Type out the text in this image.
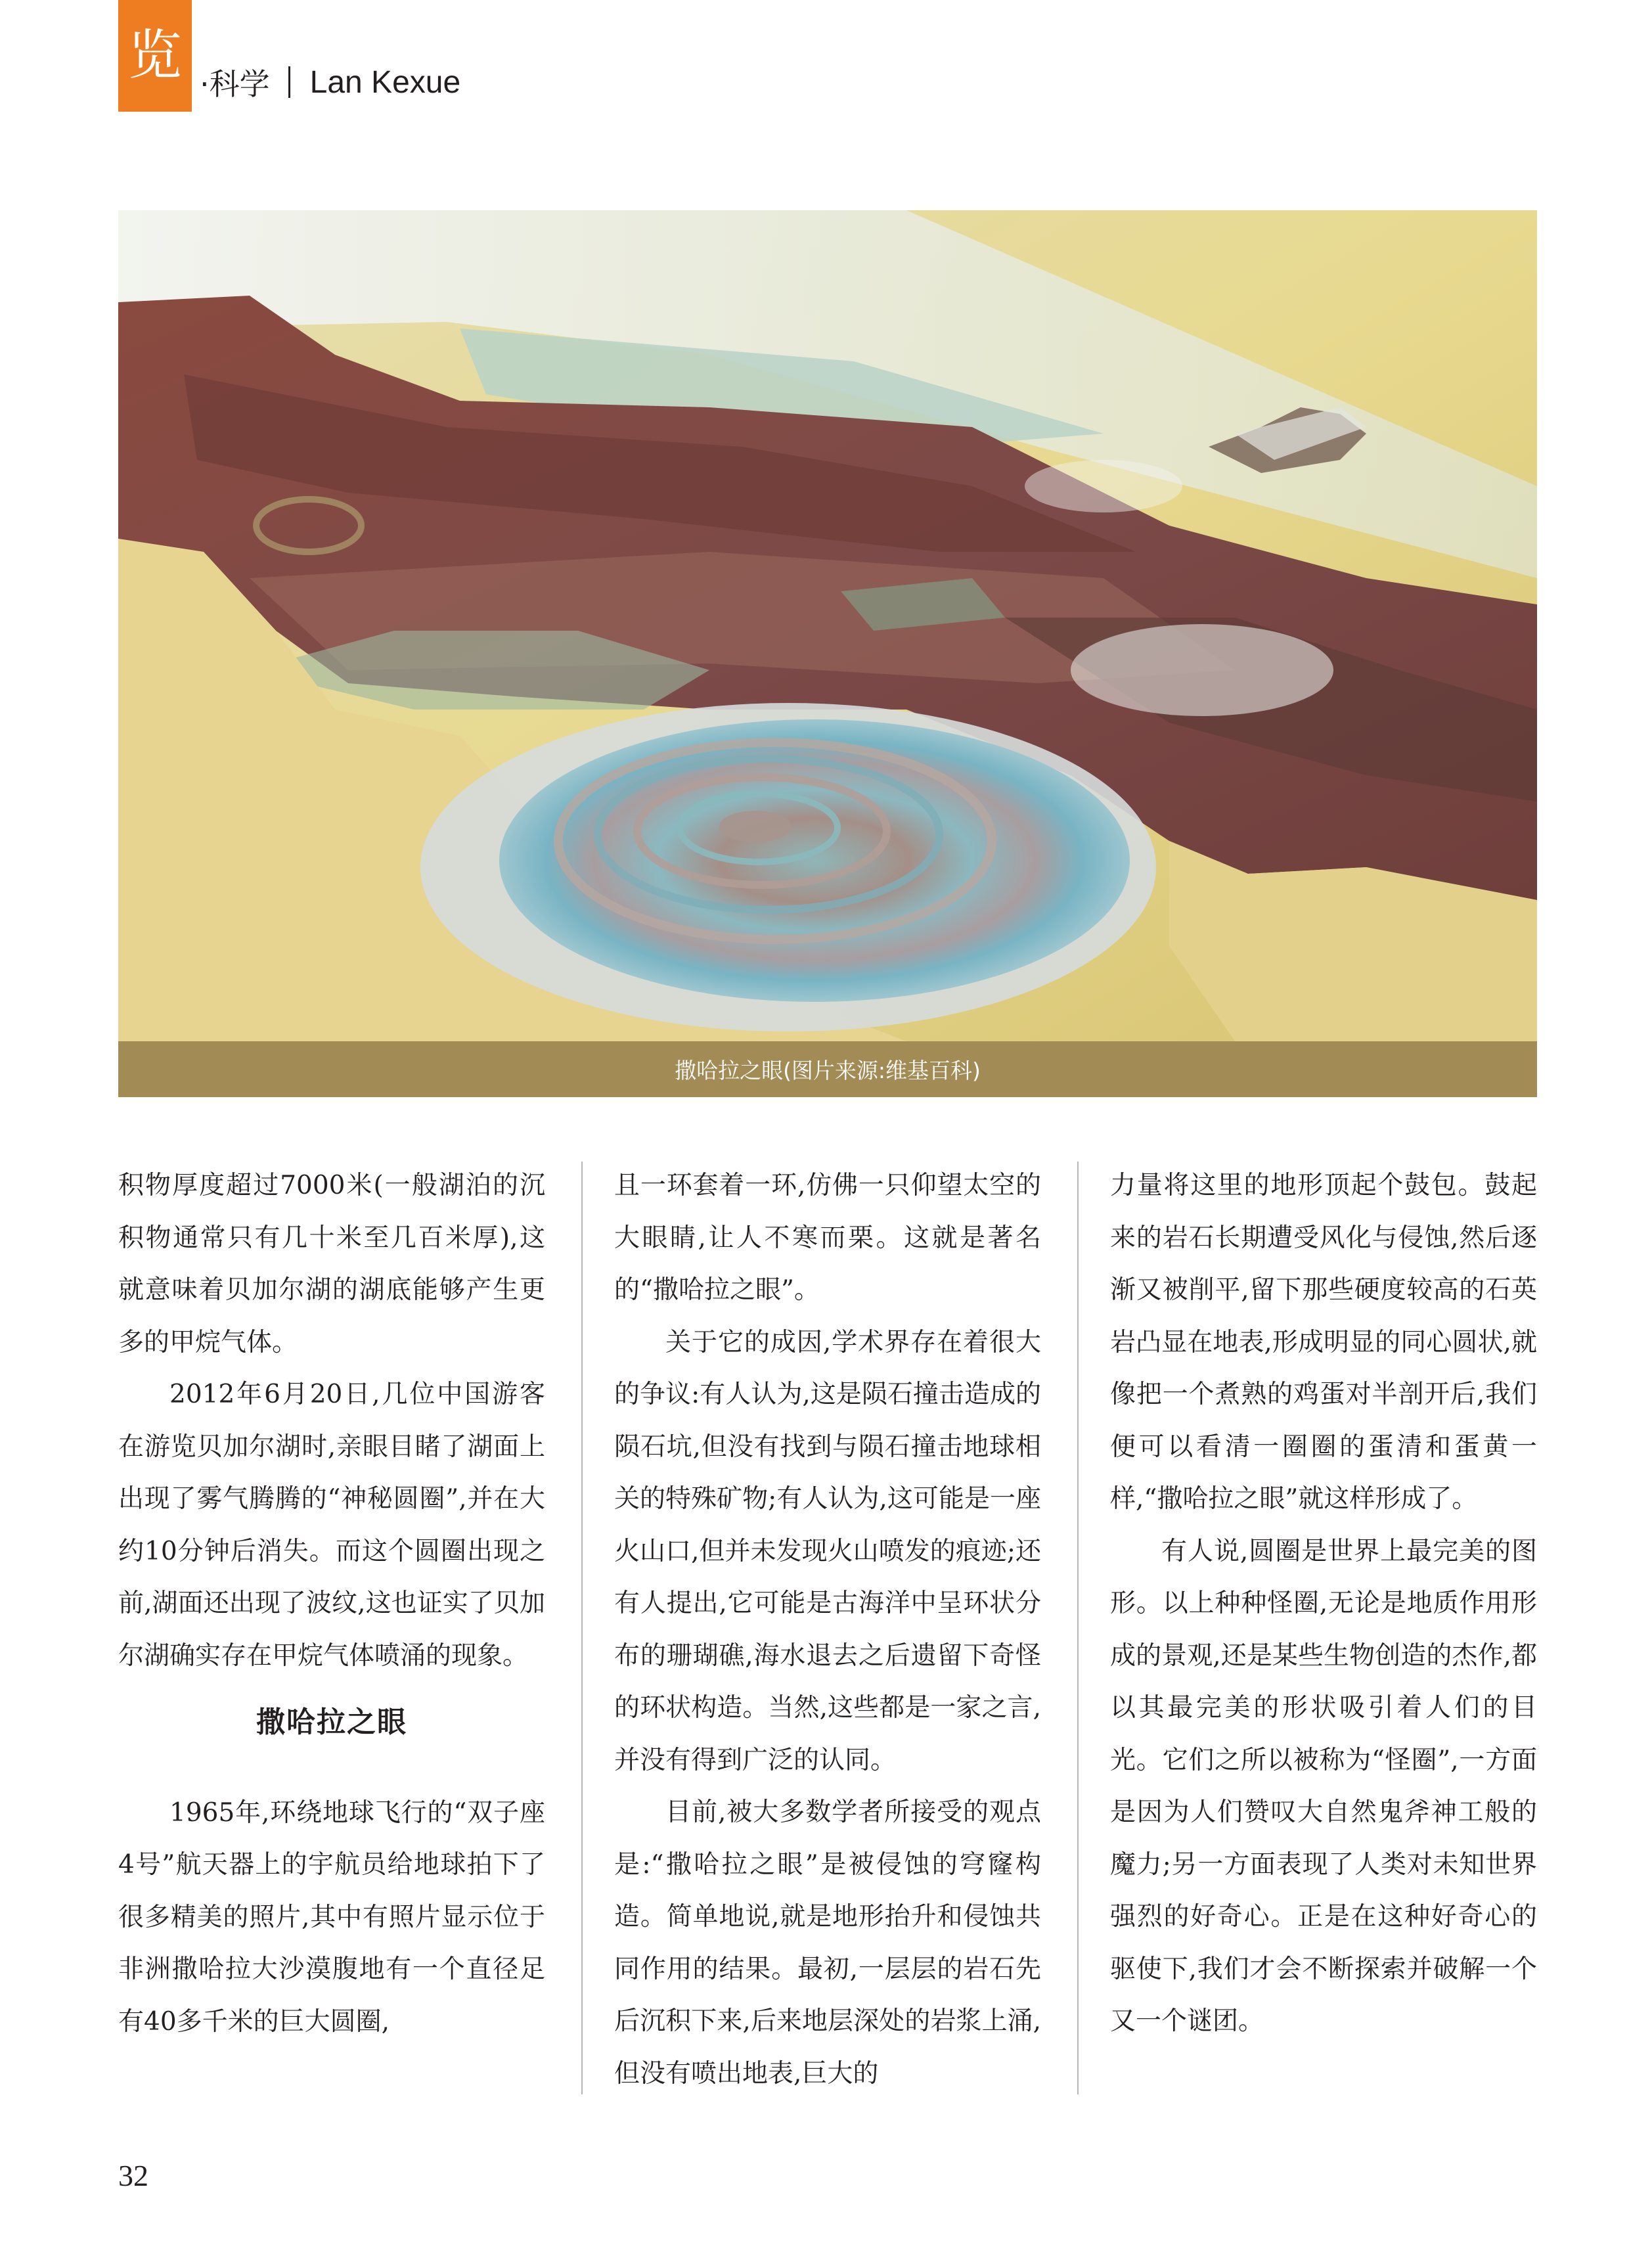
览 ·科学 Lan Kexue
撒哈拉之眼(图片来源:维基百科)

积物厚度超过7000米(一般湖泊的沉积物通常只有几十米至几百米厚),这就意味着贝加尔湖的湖底能够产生更多的甲烷气体。

2012年6月20日,几位中国游客在游览贝加尔湖时,亲眼目睹了湖面上出现了雾气腾腾的“神秘圆圈”,并在大约10分钟后消失。而这个圆圈出现之前,湖面还出现了波纹,这也证实了贝加尔湖确实存在甲烷气体喷涌的现象。

撒哈拉之眼

1965年,环绕地球飞行的“双子座4号”航天器上的宇航员给地球拍下了很多精美的照片,其中有照片显示位于非洲撒哈拉大沙漠腹地有一个直径足有40多千米的巨大圆圈,

且一环套着一环,仿佛一只仰望太空的大眼睛,让人不寒而栗。这就是著名的“撒哈拉之眼”。

关于它的成因,学术界存在着很大的争议:有人认为,这是陨石撞击造成的陨石坑,但没有找到与陨石撞击地球相关的特殊矿物;有人认为,这可能是一座火山口,但并未发现火山喷发的痕迹;还有人提出,它可能是古海洋中呈环状分布的珊瑚礁,海水退去之后遗留下奇怪的环状构造。当然,这些都是一家之言,并没有得到广泛的认同。

目前,被大多数学者所接受的观点是:“撒哈拉之眼”是被侵蚀的穹窿构造。简单地说,就是地形抬升和侵蚀共同作用的结果。最初,一层层的岩石先后沉积下来,后来地层深处的岩浆上涌,但没有喷出地表,巨大的

力量将这里的地形顶起个鼓包。鼓起来的岩石长期遭受风化与侵蚀,然后逐渐又被削平,留下那些硬度较高的石英岩凸显在地表,形成明显的同心圆状,就像把一个煮熟的鸡蛋对半剖开后,我们便可以看清一圈圈的蛋清和蛋黄一样,“撒哈拉之眼”就这样形成了。

有人说,圆圈是世界上最完美的图形。以上种种怪圈,无论是地质作用形成的景观,还是某些生物创造的杰作,都以其最完美的形状吸引着人们的目光。它们之所以被称为“怪圈”,一方面是因为人们赞叹大自然鬼斧神工般的魔力;另一方面表现了人类对未知世界强烈的好奇心。正是在这种好奇心的驱使下,我们才会不断探索并破解一个又一个谜团。

32
